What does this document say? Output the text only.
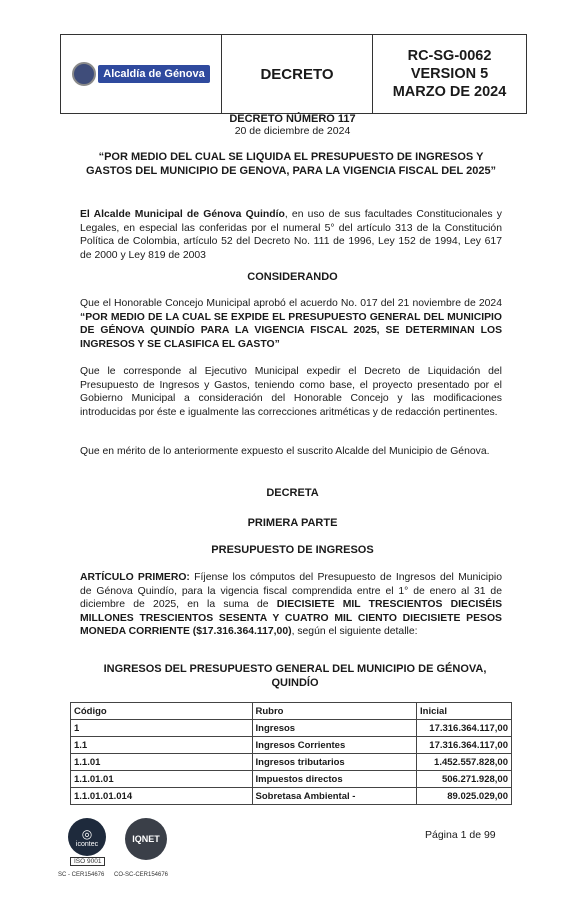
Alcaldía de Génova	DECRETO
RC-SG-0062
VERSION 5
MARZO DE 2024
DECRETO NÚMERO 117
20 de diciembre de 2024
“POR MEDIO DEL CUAL SE LIQUIDA EL PRESUPUESTO DE INGRESOS Y GASTOS DEL MUNICIPIO DE GENOVA, PARA LA VIGENCIA FISCAL DEL 2025”
El Alcalde Municipal de Génova Quindío, en uso de sus facultades Constitucionales y Legales, en especial las conferidas por el numeral 5° del artículo 313 de la Constitución Política de Colombia, artículo 52 del Decreto No. 111 de 1996, Ley 152 de 1994, Ley 617 de 2000 y Ley 819 de 2003
CONSIDERANDO
Que el Honorable Concejo Municipal aprobó el acuerdo No. 017 del 21 noviembre de 2024 “POR MEDIO DE LA CUAL SE EXPIDE EL PRESUPUESTO GENERAL DEL MUNICIPIO DE GÉNOVA QUINDÍO PARA LA VIGENCIA FISCAL 2025, SE DETERMINAN LOS INGRESOS Y SE CLASIFICA EL GASTO”
Que le corresponde al Ejecutivo Municipal expedir el Decreto de Liquidación del Presupuesto de Ingresos y Gastos, teniendo como base, el proyecto presentado por el Gobierno Municipal a consideración del Honorable Concejo y las modificaciones introducidas por éste e igualmente las correcciones aritméticas y de redacción pertinentes.
Que en mérito de lo anteriormente expuesto el suscrito Alcalde del Municipio de Génova.
DECRETA
PRIMERA PARTE
PRESUPUESTO DE INGRESOS
ARTÍCULO PRIMERO: Fíjense los cómputos del Presupuesto de Ingresos del Municipio de Génova Quindío, para la vigencia fiscal comprendida entre el 1° de enero al 31 de diciembre de 2025, en la suma de DIECISIETE MIL TRESCIENTOS DIECISÉIS MILLONES TRESCIENTOS SESENTA Y CUATRO MIL CIENTO DIECISIETE PESOS MONEDA CORRIENTE ($17.316.364.117,00), según el siguiente detalle:
INGRESOS DEL PRESUPUESTO GENERAL DEL MUNICIPIO DE GÉNOVA, QUINDÍO
Código	Rubro	Inicial
1	Ingresos	17.316.364.117,00
1.1	Ingresos Corrientes	17.316.364.117,00
1.1.01	Ingresos tributarios	1.452.557.828,00
1.1.01.01	Impuestos directos	506.271.928,00
1.1.01.01.014	Sobretasa Ambiental -	89.025.029,00
◎
icontec
ISO 9001
SC - CER154676
IQNET
CO-SC-CER154676
Página 1 de 99
